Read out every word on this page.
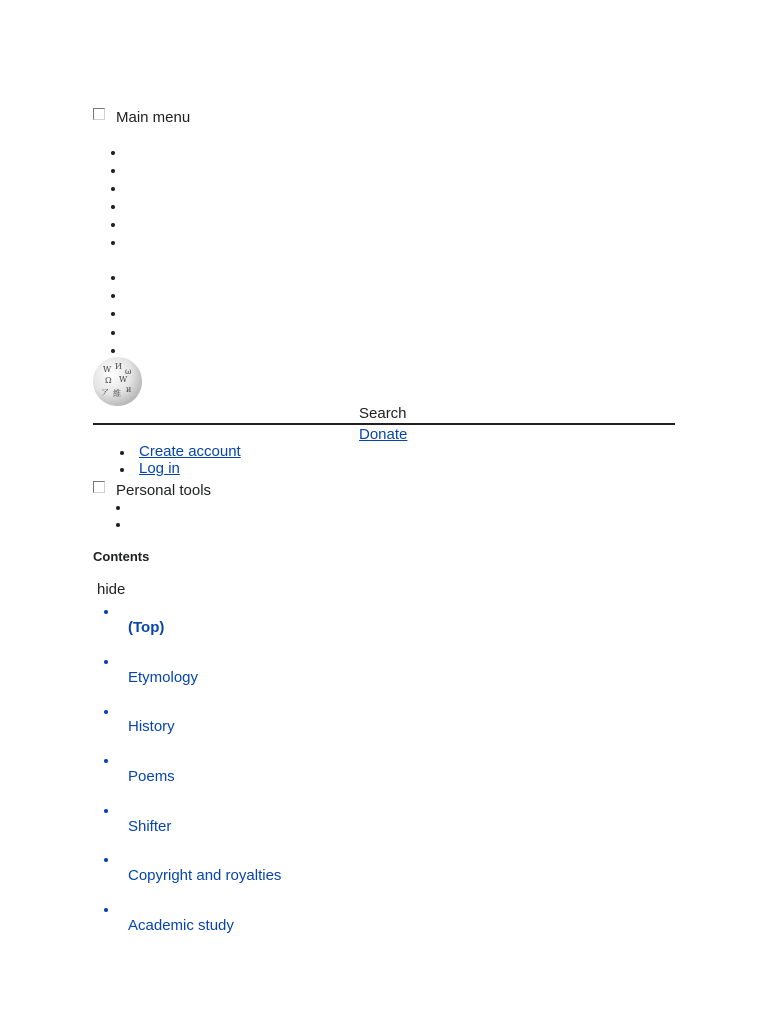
Main menu
W И
ω
Ω W
ア 維 и
Search
Donate
Create account
Log in
Personal tools
Contents
hide
(Top)
Etymology
History
Poems
Shifter
Copyright and royalties
Academic study
